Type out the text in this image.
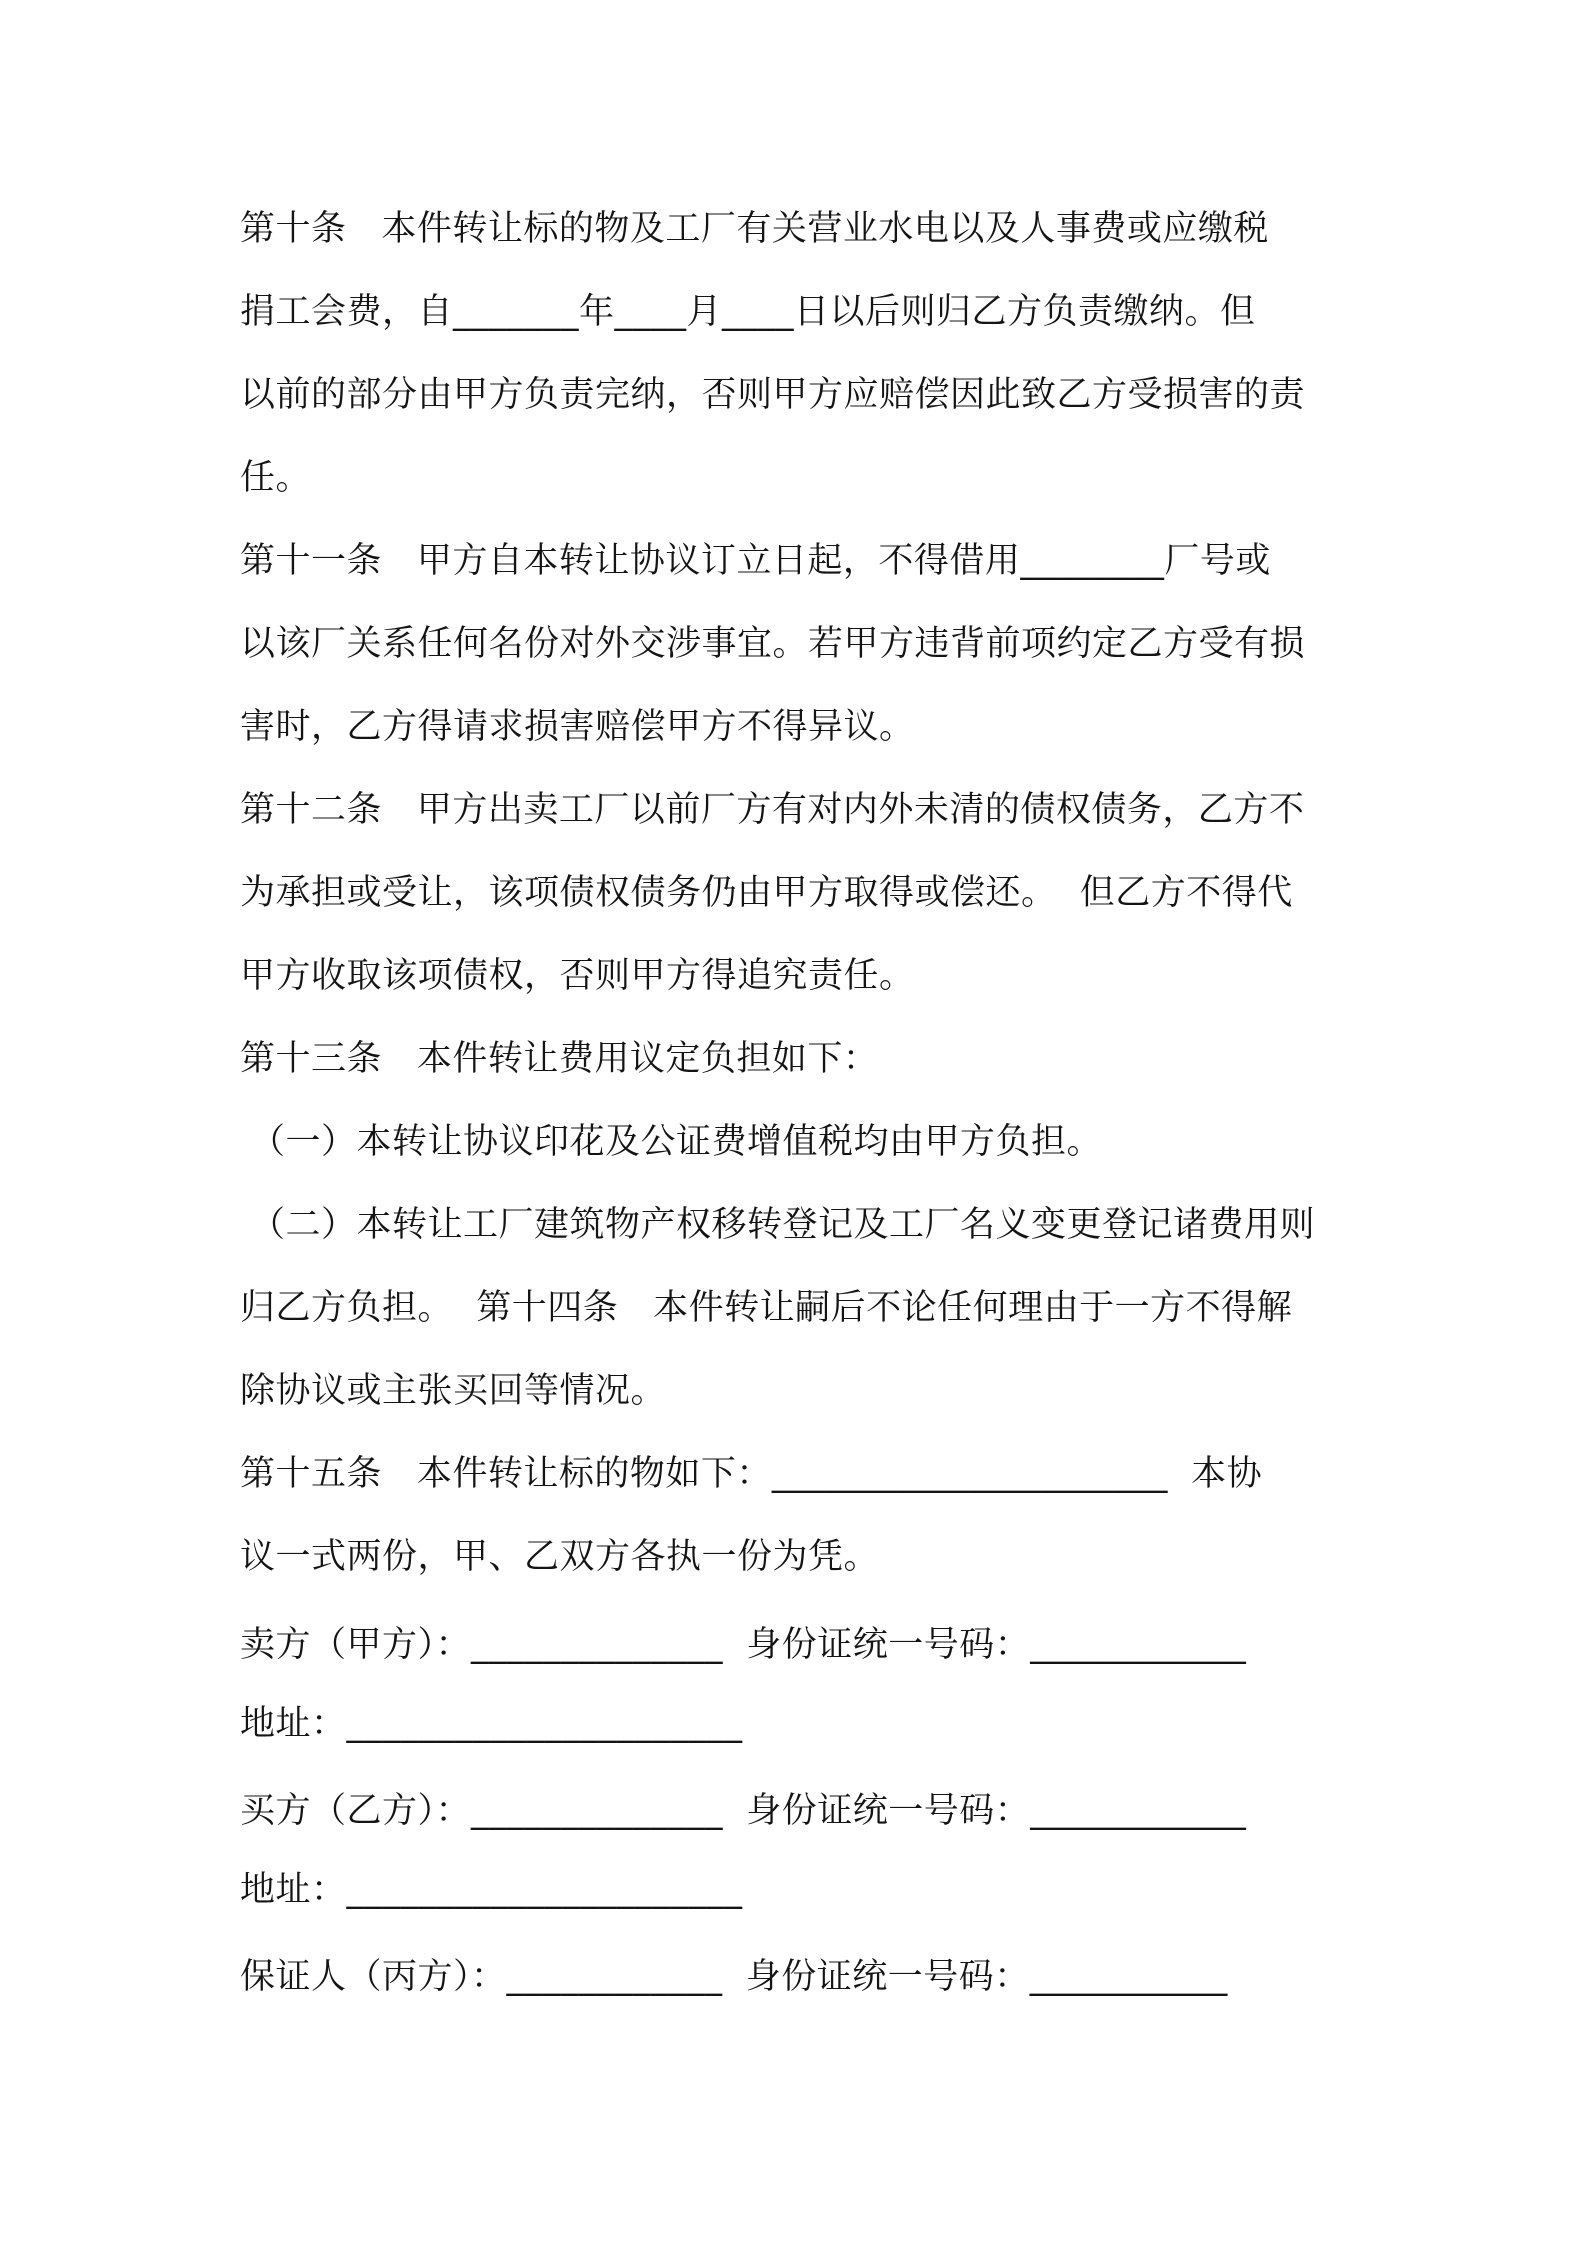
第十条   本件转让标的物及工厂有关营业水电以及人事费或应缴税
捐工会费，自_______年____月____日以后则归乙方负责缴纳。但
以前的部分由甲方负责完纳，否则甲方应赔偿因此致乙方受损害的责
任。
第十一条   甲方自本转让协议订立日起，不得借用________厂号或
以该厂关系任何名份对外交涉事宜。若甲方违背前项约定乙方受有损
害时，乙方得请求损害赔偿甲方不得异议。
第十二条   甲方出卖工厂以前厂方有对内外未清的债权债务，乙方不
为承担或受让，该项债权债务仍由甲方取得或偿还。  但乙方不得代
甲方收取该项债权，否则甲方得追究责任。
第十三条   本件转让费用议定负担如下：
（一）本转让协议印花及公证费增值税均由甲方负担。
（二）本转让工厂建筑物产权移转登记及工厂名义变更登记诸费用则
归乙方负担。  第十四条   本件转让嗣后不论任何理由于一方不得解
除协议或主张买回等情况。
第十五条   本件转让标的物如下：______________________  本协
议一式两份，甲、乙双方各执一份为凭。
卖方（甲方）：______________  身份证统一号码：____________
地址：______________________
买方（乙方）：______________  身份证统一号码：____________
地址：______________________
保证人（丙方）：____________  身份证统一号码：___________
